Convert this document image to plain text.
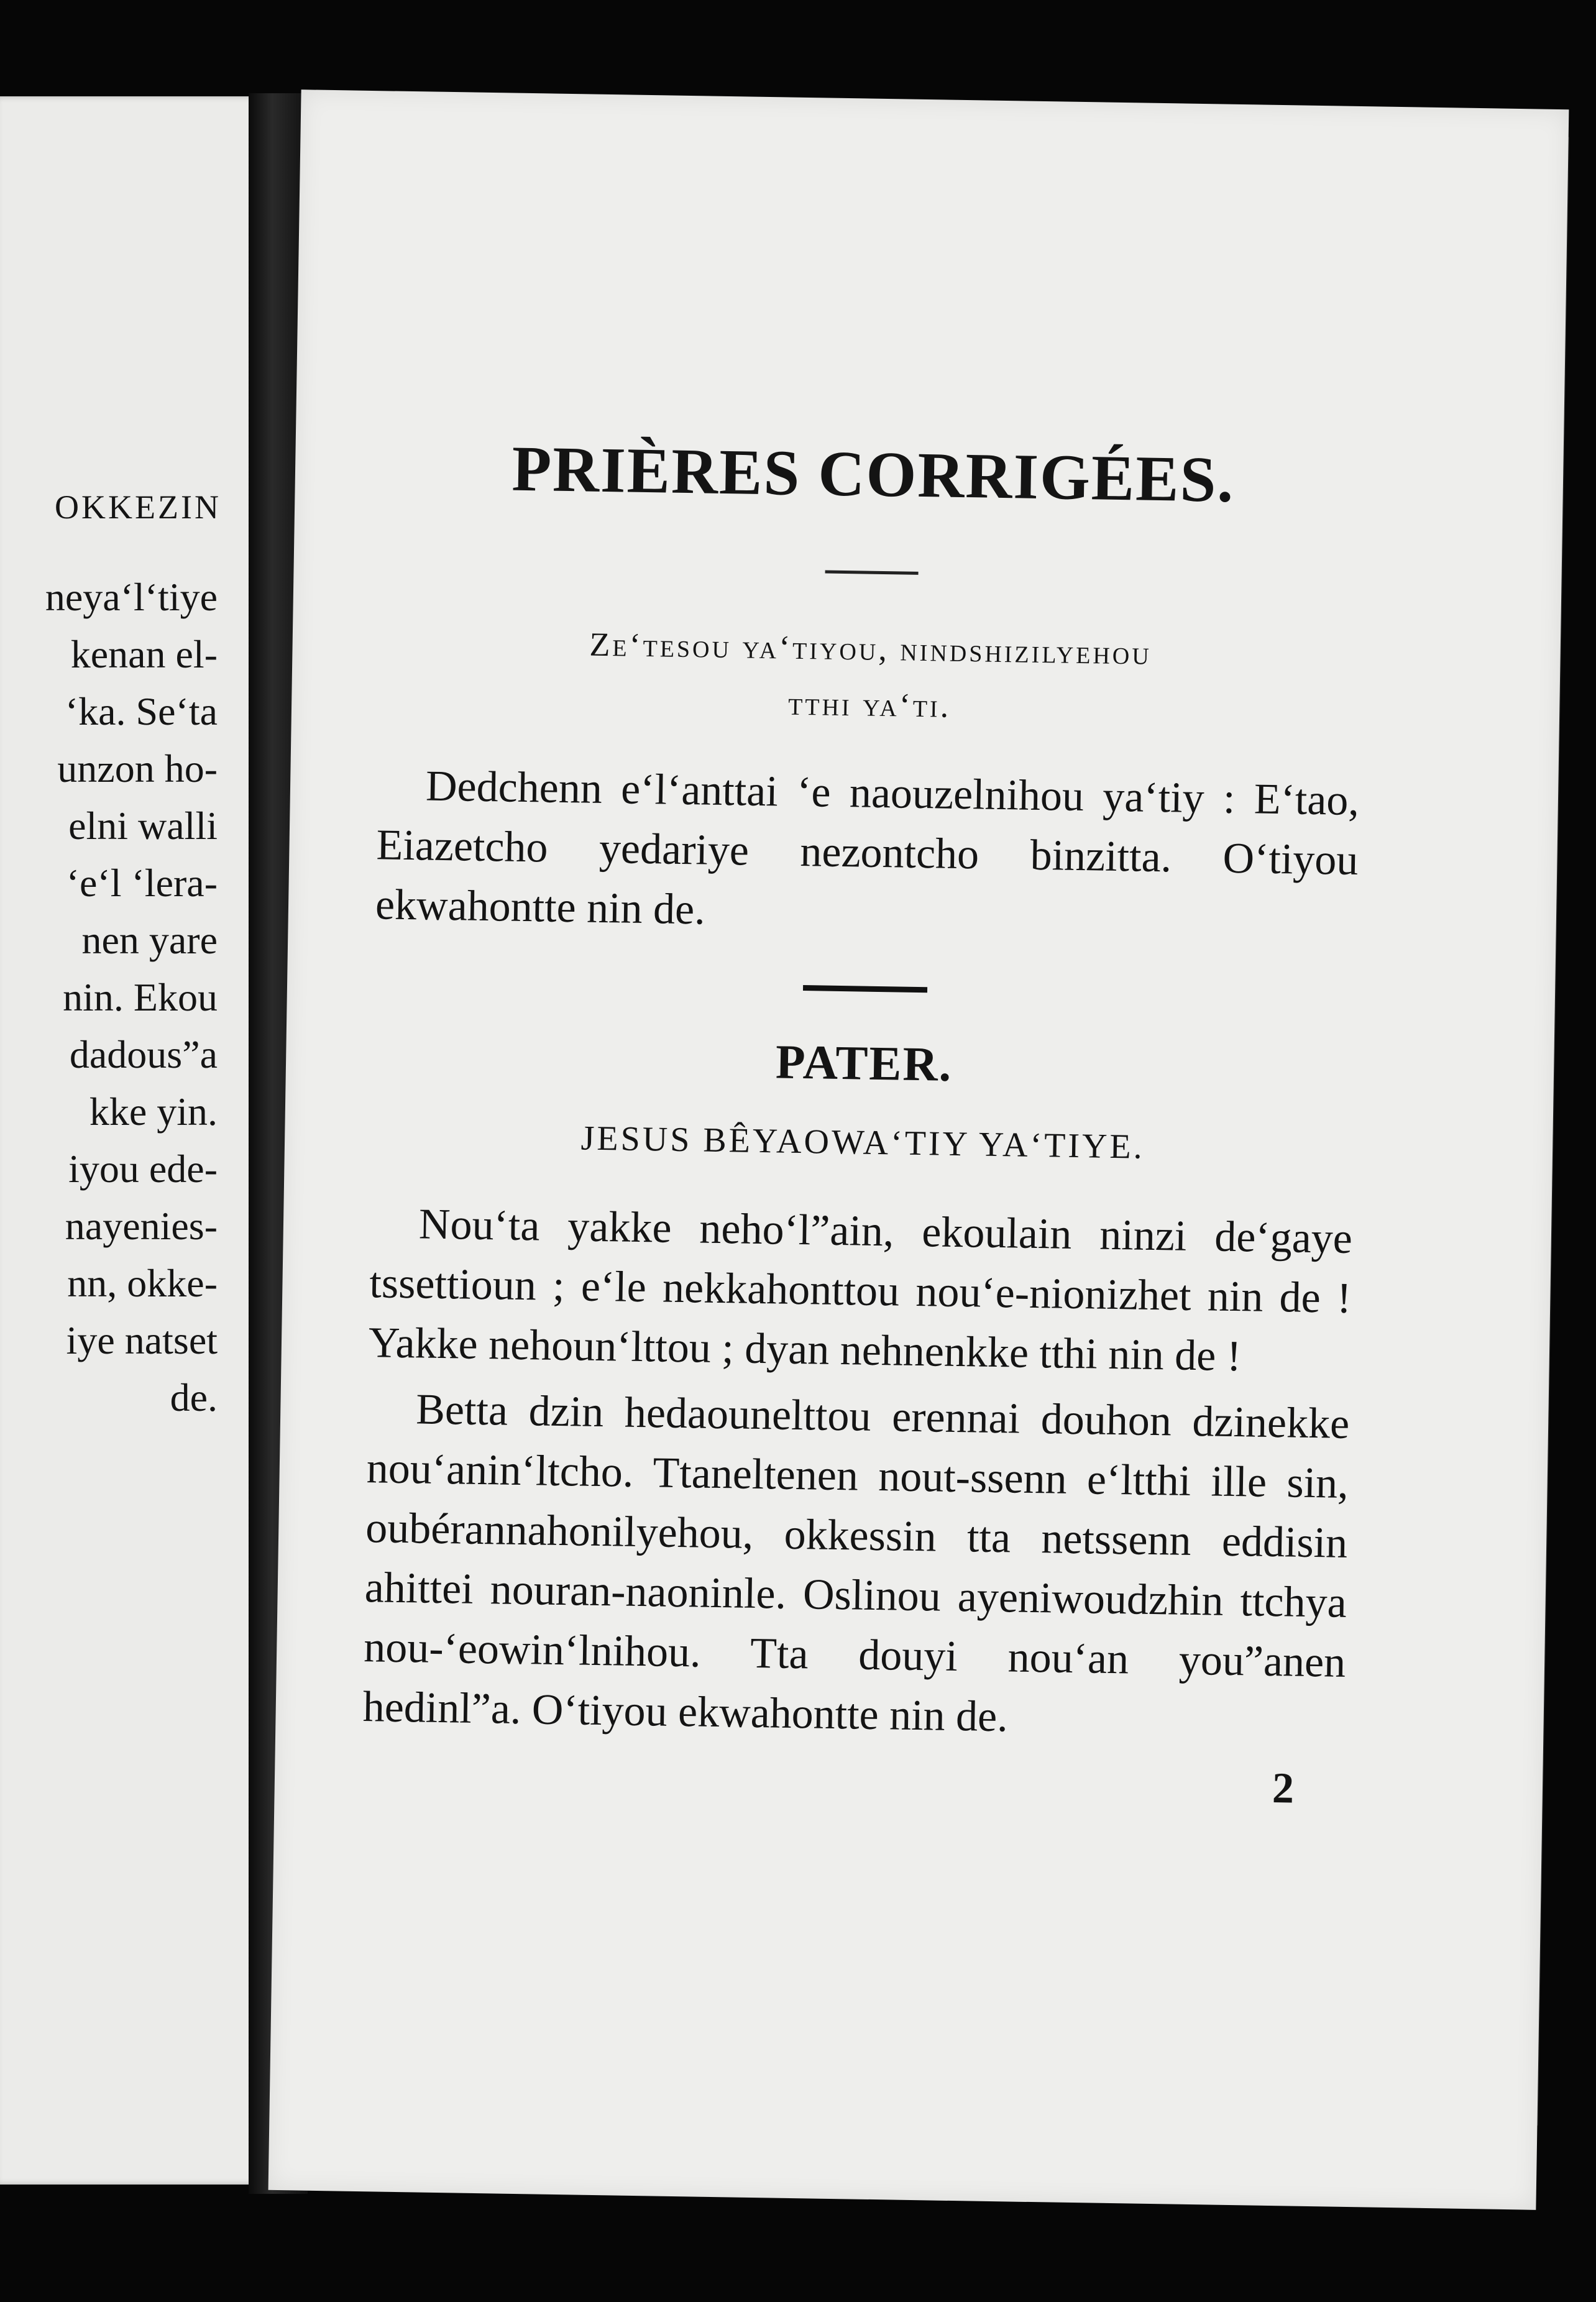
OKKEZIN
neya‘l‘tiye
kenan el-
‘ka. Se‘ta
unzon ho-
elni walli
‘e‘l ‘lera-
nen yare
nin. Ekou
dadous”a
kke yin.
iyou ede-
nayenies-
nn, okke-
iye natset
de.
PRIÈRES CORRIGÉES.

Ze‘tesou ya‘tiyou, nindshizilyehou
tthi ya‘ti.

Dedchenn e‘l‘anttai ‘e naouzelnihou ya‘tiy : E‘tao, Eiazetcho yedariye nezontcho binzitta. O‘tiyou ekwahontte nin de.

PATER.

JESUS BÊYAOWA‘TIY YA‘TIYE.

Nou‘ta yakke neho‘l”ain, ekoulain ninzi de‘gaye tssettioun ; e‘le nekkahonttou nou‘e-nionizhet nin de ! Yakke nehoun‘lttou ; dyan nehnenkke tthi nin de !

Betta dzin hedaounelttou erennai douhon dzinekke nou‘anin‘ltcho. Ttaneltenen nout-ssenn e‘ltthi ille sin, oubérannahonilyehou, okkessin tta netssenn eddisin ahittei nouran-naoninle. Oslinou ayeniwoudzhin ttchya nou-‘eowin‘lnihou. Tta douyi nou‘an you”anen hedinl”a. O‘tiyou ekwahontte nin de.

2
